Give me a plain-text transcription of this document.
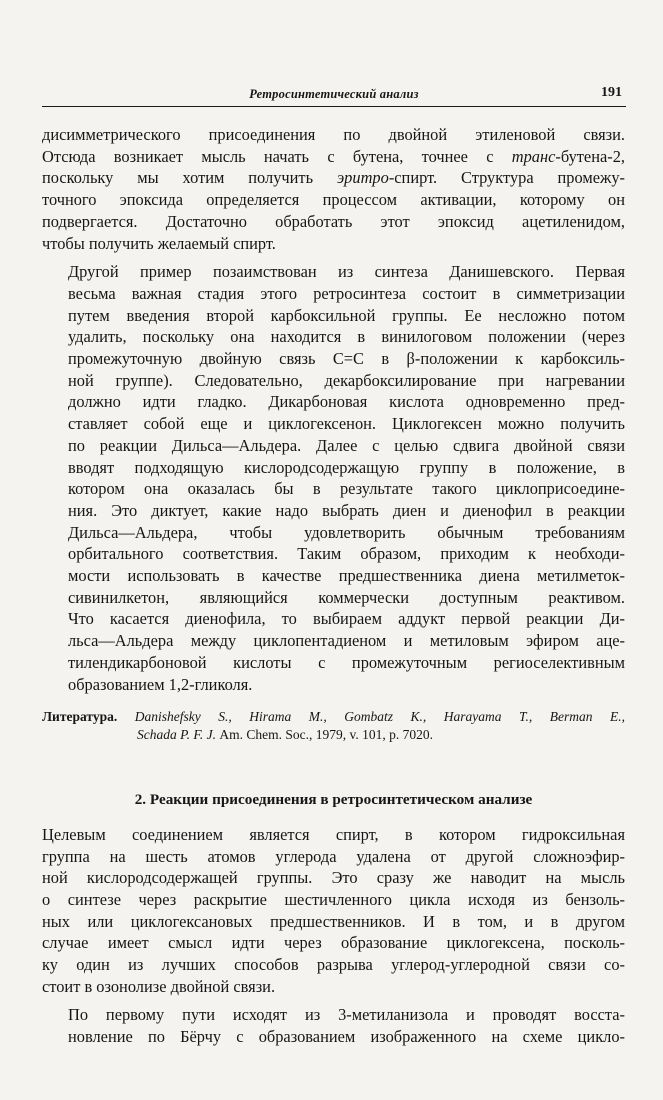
Ретросинтетический анализ	191
дисимметрического присоединения по двойной этиленовой связи.
Отсюда возникает мысль начать с бутена, точнее с транс-бутена-2,
поскольку мы хотим получить эритро-спирт. Структура промежу-
точного эпоксида определяется процессом активации, которому он
подвергается. Достаточно обработать этот эпоксид ацетиленидом,
чтобы получить желаемый спирт.
Другой пример позаимствован из синтеза Данишевского. Первая
весьма важная стадия этого ретросинтеза состоит в симметризации
путем введения второй карбоксильной группы. Ее несложно потом
удалить, поскольку она находится в винилоговом положении (через
промежуточную двойную связь C=C в β-положении к карбоксиль-
ной группе). Следовательно, декарбоксилирование при нагревании
должно идти гладко. Дикарбоновая кислота одновременно пред-
ставляет собой еще и циклогексенон. Циклогексен можно получить
по реакции Дильса—Альдера. Далее с целью сдвига двойной связи
вводят подходящую кислородсодержащую группу в положение, в
котором она оказалась бы в результате такого циклоприсоедине-
ния. Это диктует, какие надо выбрать диен и диенофил в реакции
Дильса—Альдера, чтобы удовлетворить обычным требованиям
орбитального соответствия. Таким образом, приходим к необходи-
мости использовать в качестве предшественника диена метилметок-
сивинилкетон, являющийся коммерчески доступным реактивом.
Что касается диенофила, то выбираем аддукт первой реакции Ди-
льса—Альдера между циклопентадиеном и метиловым эфиром аце-
тилендикарбоновой кислоты с промежуточным региоселективным
образованием 1,2-гликоля.
Литература. Danishefsky S., Hirama M., Gombatz K., Harayama T., Berman E.,
Schada P. F. J. Am. Chem. Soc., 1979, v. 101, p. 7020.
2. Реакции присоединения в ретросинтетическом анализе
Целевым соединением является спирт, в котором гидроксильная
группа на шесть атомов углерода удалена от другой сложноэфир-
ной кислородсодержащей группы. Это сразу же наводит на мысль
о синтезе через раскрытие шестичленного цикла исходя из бензоль-
ных или циклогексановых предшественников. И в том, и в другом
случае имеет смысл идти через образование циклогексена, посколь-
ку один из лучших способов разрыва углерод-углеродной связи со-
стоит в озонолизе двойной связи.
По первому пути исходят из 3-метиланизола и проводят восста-
новление по Бёрчу с образованием изображенного на схеме цикло-
